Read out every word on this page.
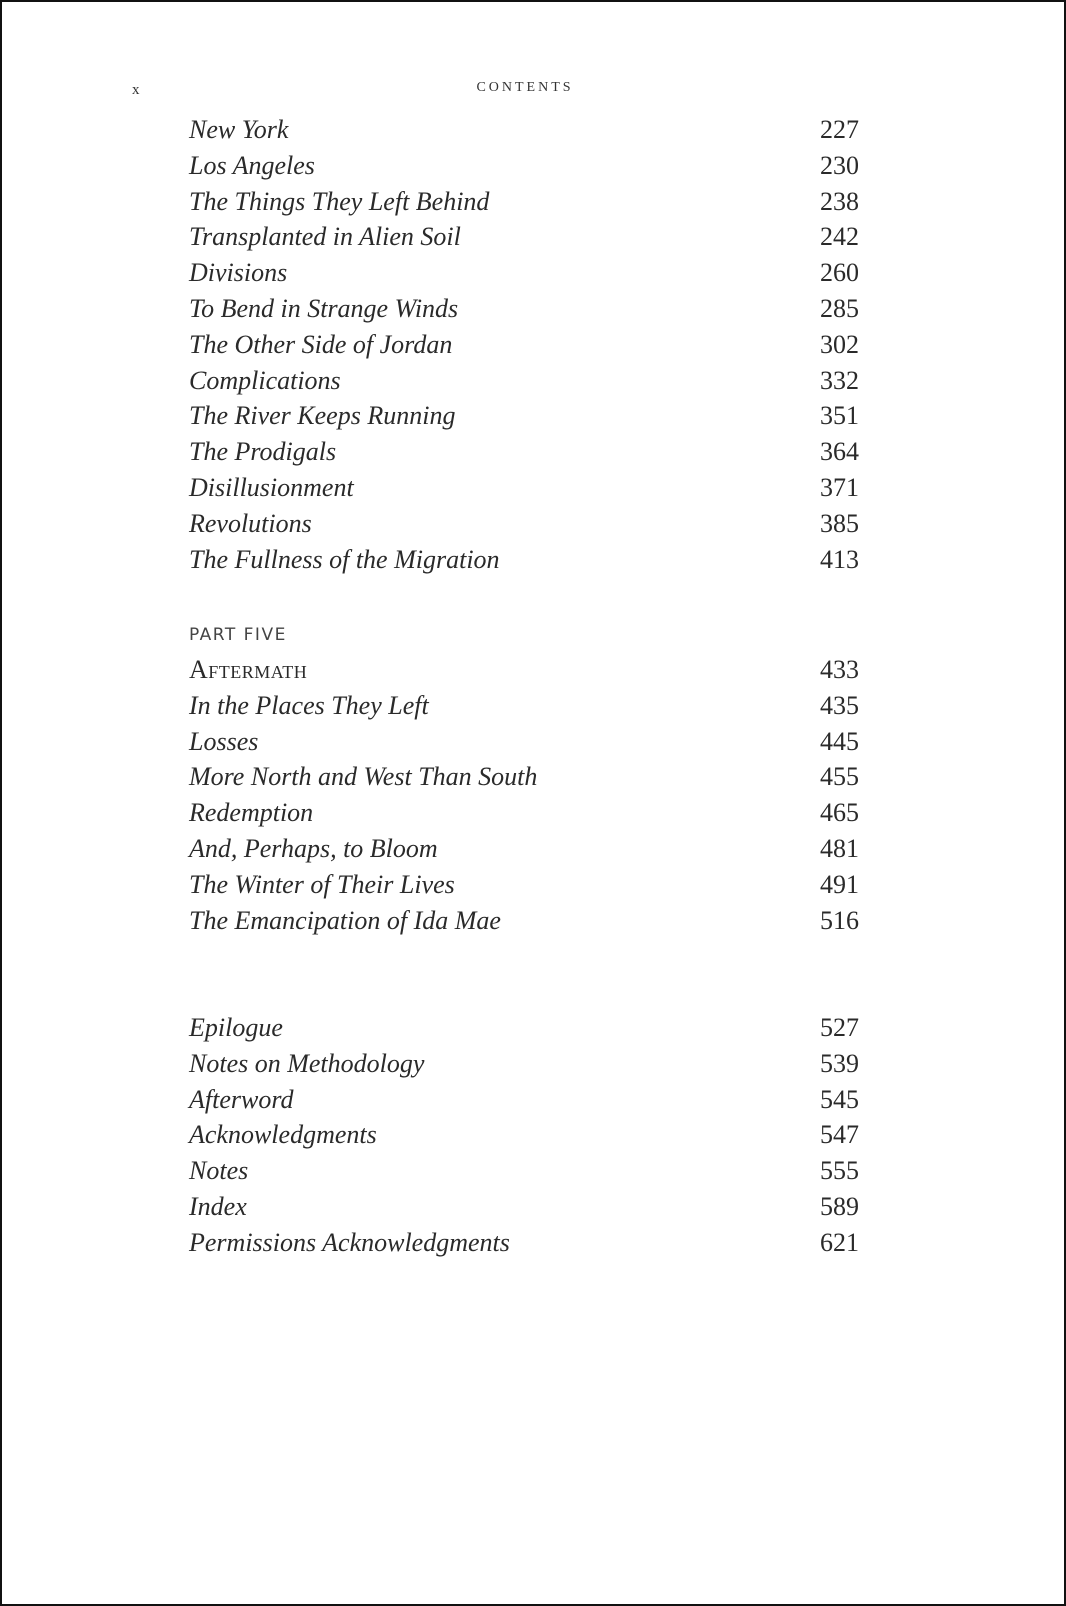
x	CONTENTS
New York	227
Los Angeles	230
The Things They Left Behind	238
Transplanted in Alien Soil	242
Divisions	260
To Bend in Strange Winds	285
The Other Side of Jordan	302
Complications	332
The River Keeps Running	351
The Prodigals	364
Disillusionment	371
Revolutions	385
The Fullness of the Migration	413
PART FIVE
Aftermath	433
In the Places They Left	435
Losses	445
More North and West Than South	455
Redemption	465
And, Perhaps, to Bloom	481
The Winter of Their Lives	491
The Emancipation of Ida Mae	516
Epilogue	527
Notes on Methodology	539
Afterword	545
Acknowledgments	547
Notes	555
Index	589
Permissions Acknowledgments	621
